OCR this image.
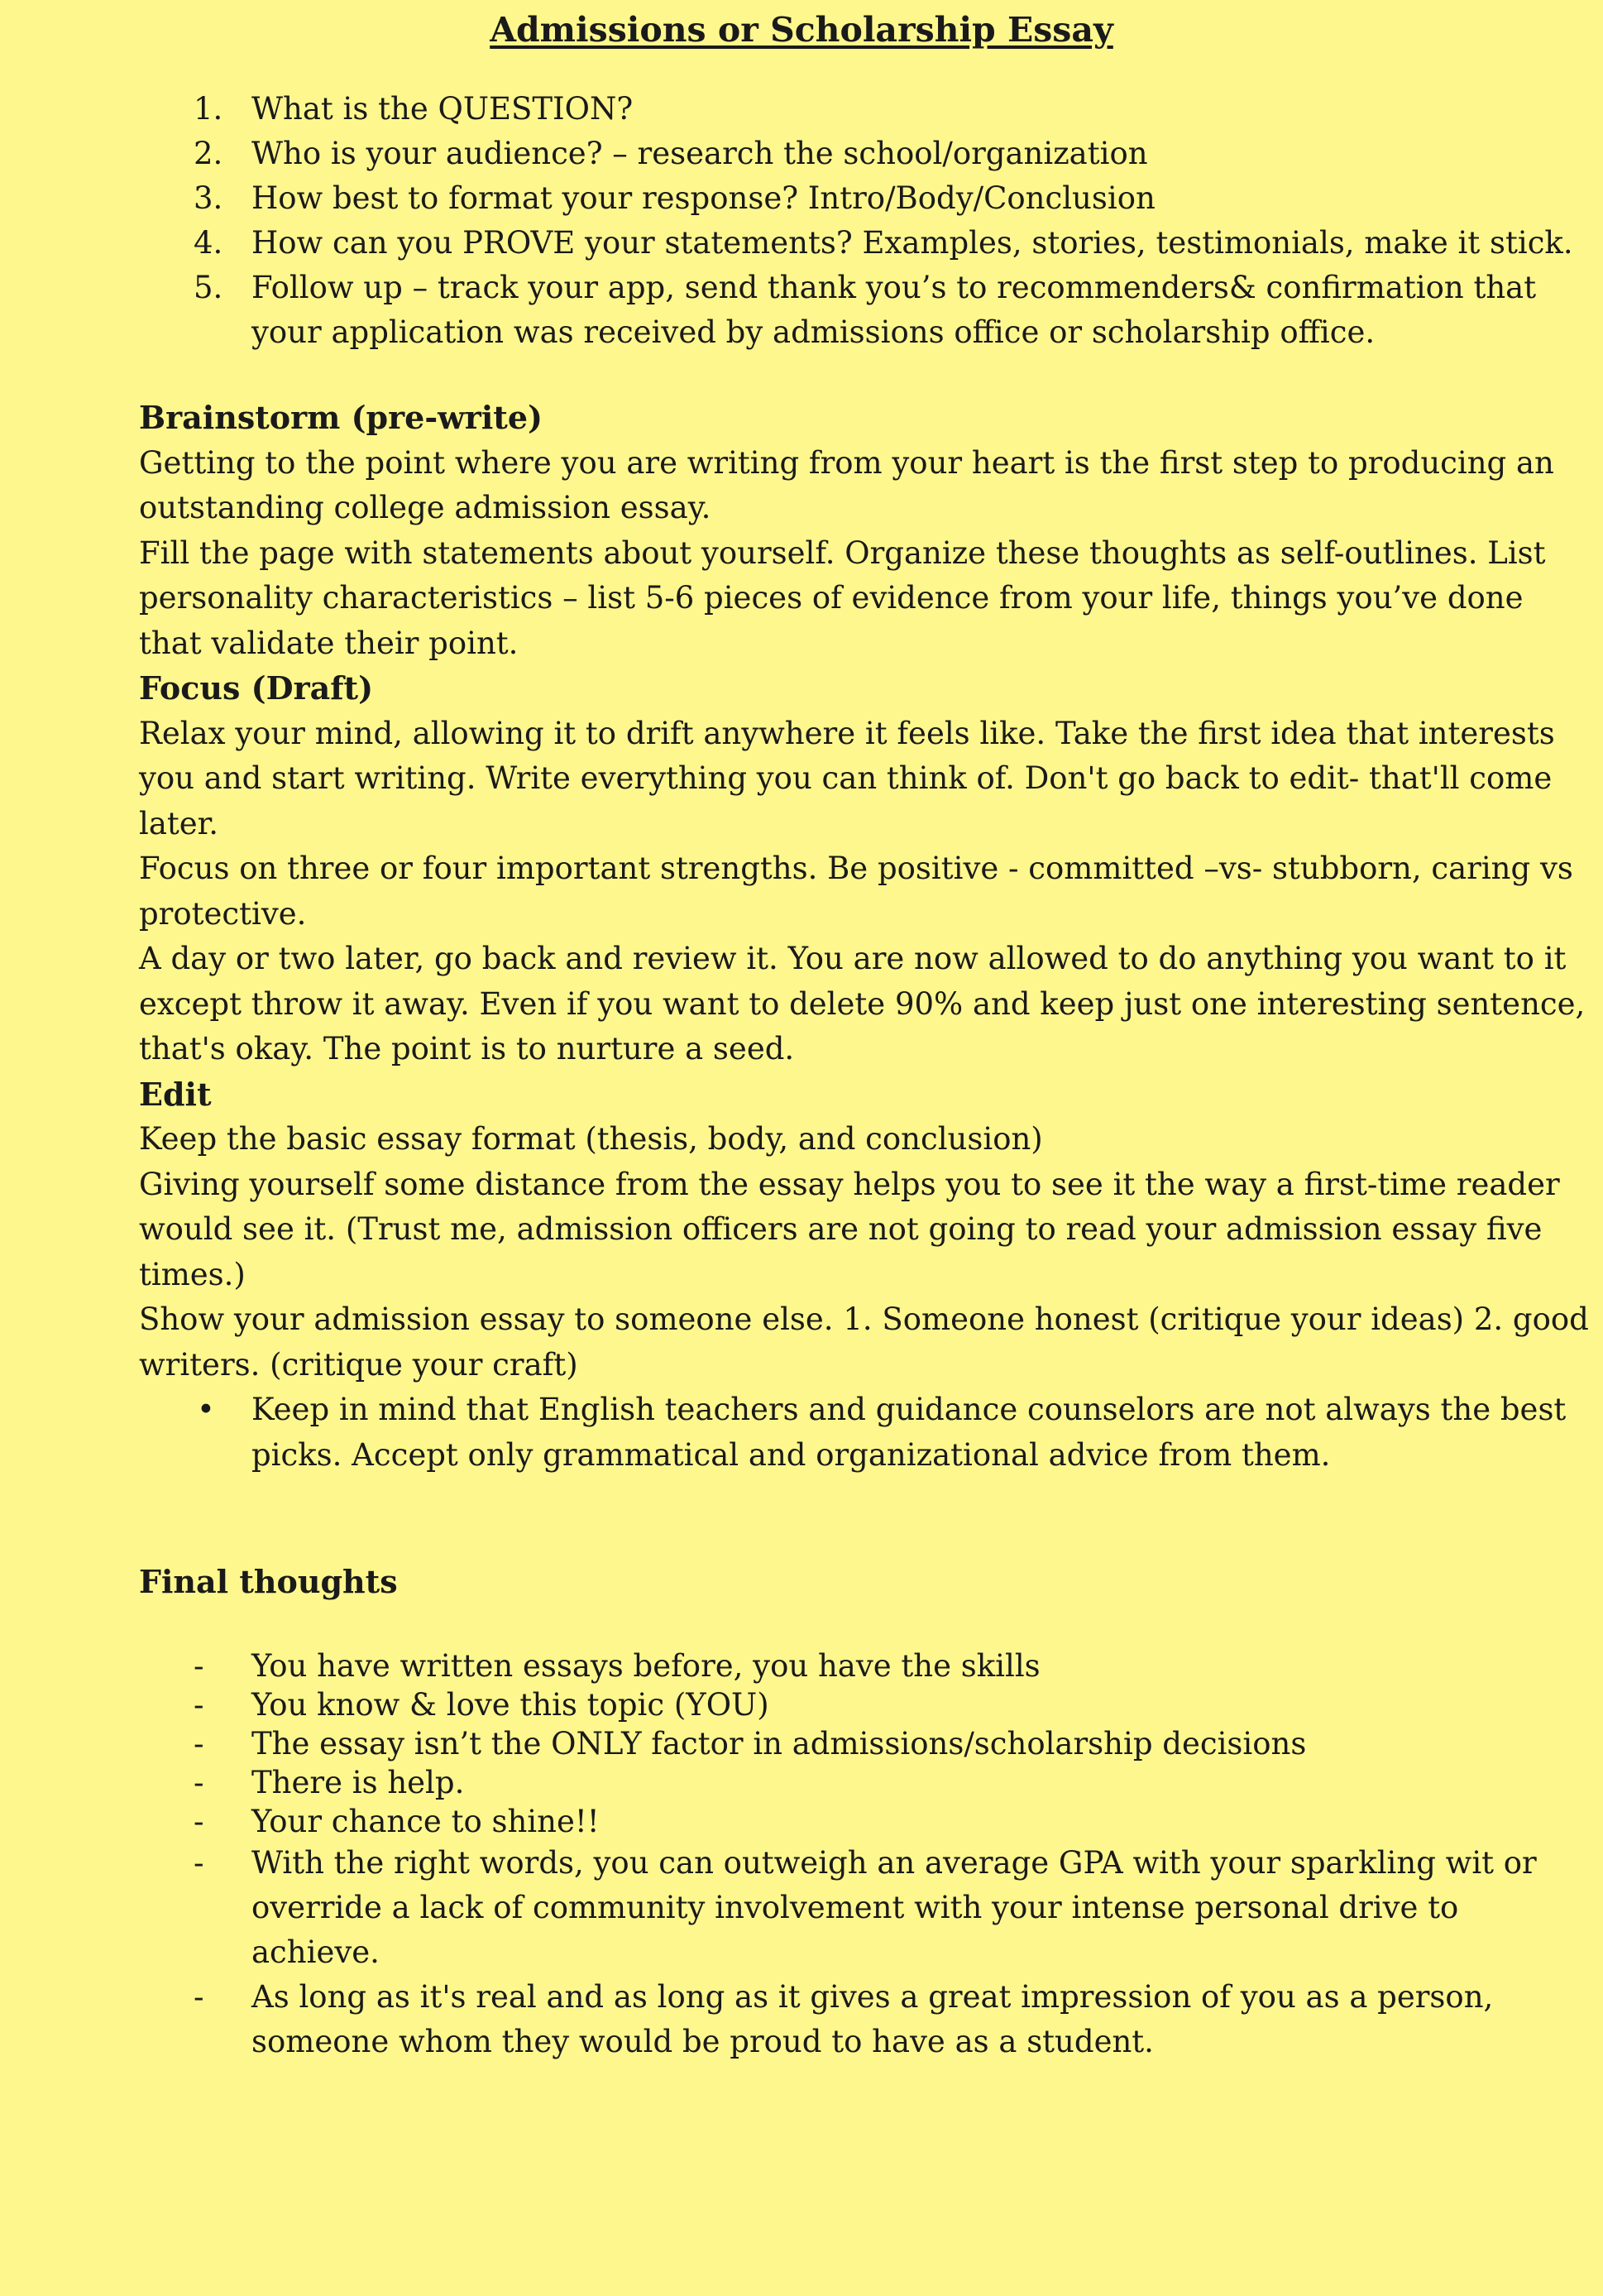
Admissions or Scholarship Essay
1. What is the QUESTION?
2. Who is your audience? – research the school/organization
3. How best to format your response? Intro/Body/Conclusion
4. How can you PROVE your statements? Examples, stories, testimonials, make it stick.
5. Follow up – track your app, send thank you’s to recommenders& confirmation that your application was received by admissions office or scholarship office.
Brainstorm (pre-write)
Getting to the point where you are writing from your heart is the first step to producing an outstanding college admission essay.
Fill the page with statements about yourself. Organize these thoughts as self-outlines. List personality characteristics – list 5-6 pieces of evidence from your life, things you’ve done that validate their point.
Focus (Draft)
Relax your mind, allowing it to drift anywhere it feels like. Take the first idea that interests you and start writing. Write everything you can think of. Don't go back to edit- that'll come later.
Focus on three or four important strengths. Be positive - committed –vs- stubborn, caring vs protective.
A day or two later, go back and review it. You are now allowed to do anything you want to it except throw it away. Even if you want to delete 90% and keep just one interesting sentence, that's okay. The point is to nurture a seed.
Edit
Keep the basic essay format (thesis, body, and conclusion)
Giving yourself some distance from the essay helps you to see it the way a first-time reader would see it. (Trust me, admission officers are not going to read your admission essay five times.)
Show your admission essay to someone else. 1. Someone honest (critique your ideas) 2. good writers. (critique your craft)
• Keep in mind that English teachers and guidance counselors are not always the best picks. Accept only grammatical and organizational advice from them.
Final thoughts
- You have written essays before, you have the skills
- You know & love this topic (YOU)
- The essay isn’t the ONLY factor in admissions/scholarship decisions
- There is help.
- Your chance to shine!!
- With the right words, you can outweigh an average GPA with your sparkling wit or override a lack of community involvement with your intense personal drive to achieve.
- As long as it's real and as long as it gives a great impression of you as a person, someone whom they would be proud to have as a student.
